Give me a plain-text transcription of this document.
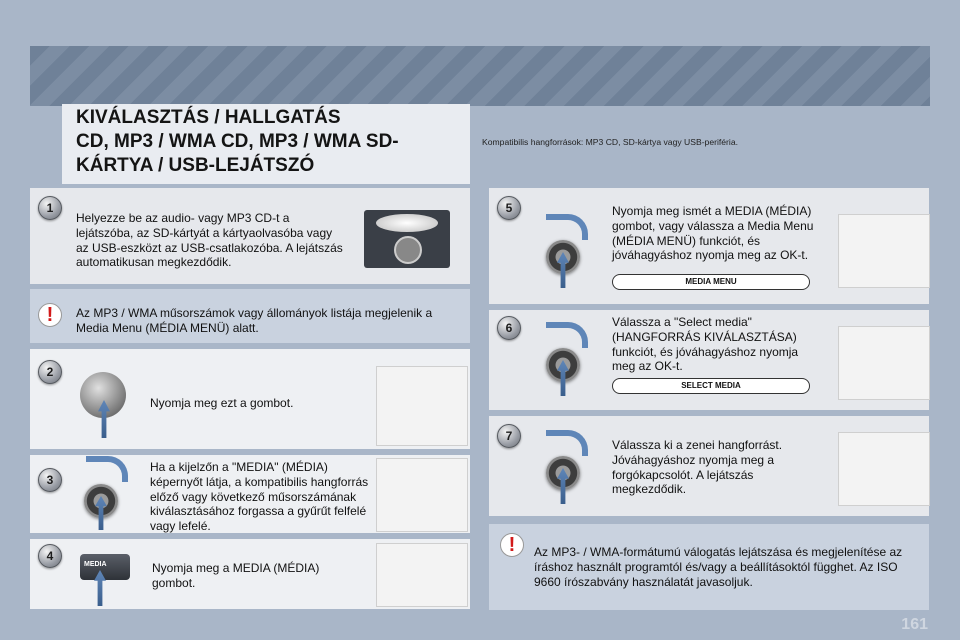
KIVÁLASZTÁS / HALLGATÁS
CD, MP3 / WMA CD, MP3 / WMA SD-
KÁRTYA / USB-LEJÁTSZÓ
Kompatibilis hangforrások: MP3 CD, SD-kártya vagy USB-periféria.
1
Helyezze be az audio- vagy MP3 CD-t a lejátszóba, az SD-kártyát a kártyaolvasóba vagy az USB-eszközt az USB-csatlakozóba. A lejátszás automatikusan megkezdődik.
!	Az MP3 / WMA műsorszámok vagy állományok listája megjelenik a Media Menu (MÉDIA MENÜ) alatt.
2
Nyomja meg ezt a gombot.
3
Ha a kijelzőn a "MEDIA" (MÉDIA) képernyőt látja, a kompatibilis hangforrás előző vagy következő műsorszámának kiválasztásához forgassa a gyűrűt felfelé vagy lefelé.
4
MEDIA	Nyomja meg a MEDIA (MÉDIA) gombot.
5	Nyomja meg ismét a MEDIA (MÉDIA) gombot, vagy válassza a Media Menu (MÉDIA MENÜ) funkciót, és jóváhagyáshoz nyomja meg az OK-t.
MEDIA MENU
6	Válassza a "Select media" (HANGFORRÁS KIVÁLASZTÁSA) funkciót, és jóváhagyáshoz nyomja meg az OK-t.
SELECT MEDIA
7
Válassza ki a zenei hangforrást. Jóváhagyáshoz nyomja meg a forgókapcsolót. A lejátszás megkezdődik.
!	Az MP3- / WMA-formátumú válogatás lejátszása és megjelenítése az íráshoz használt programtól és/vagy a beállításoktól függhet. Az ISO 9660 írószabvány használatát javasoljuk.
161
